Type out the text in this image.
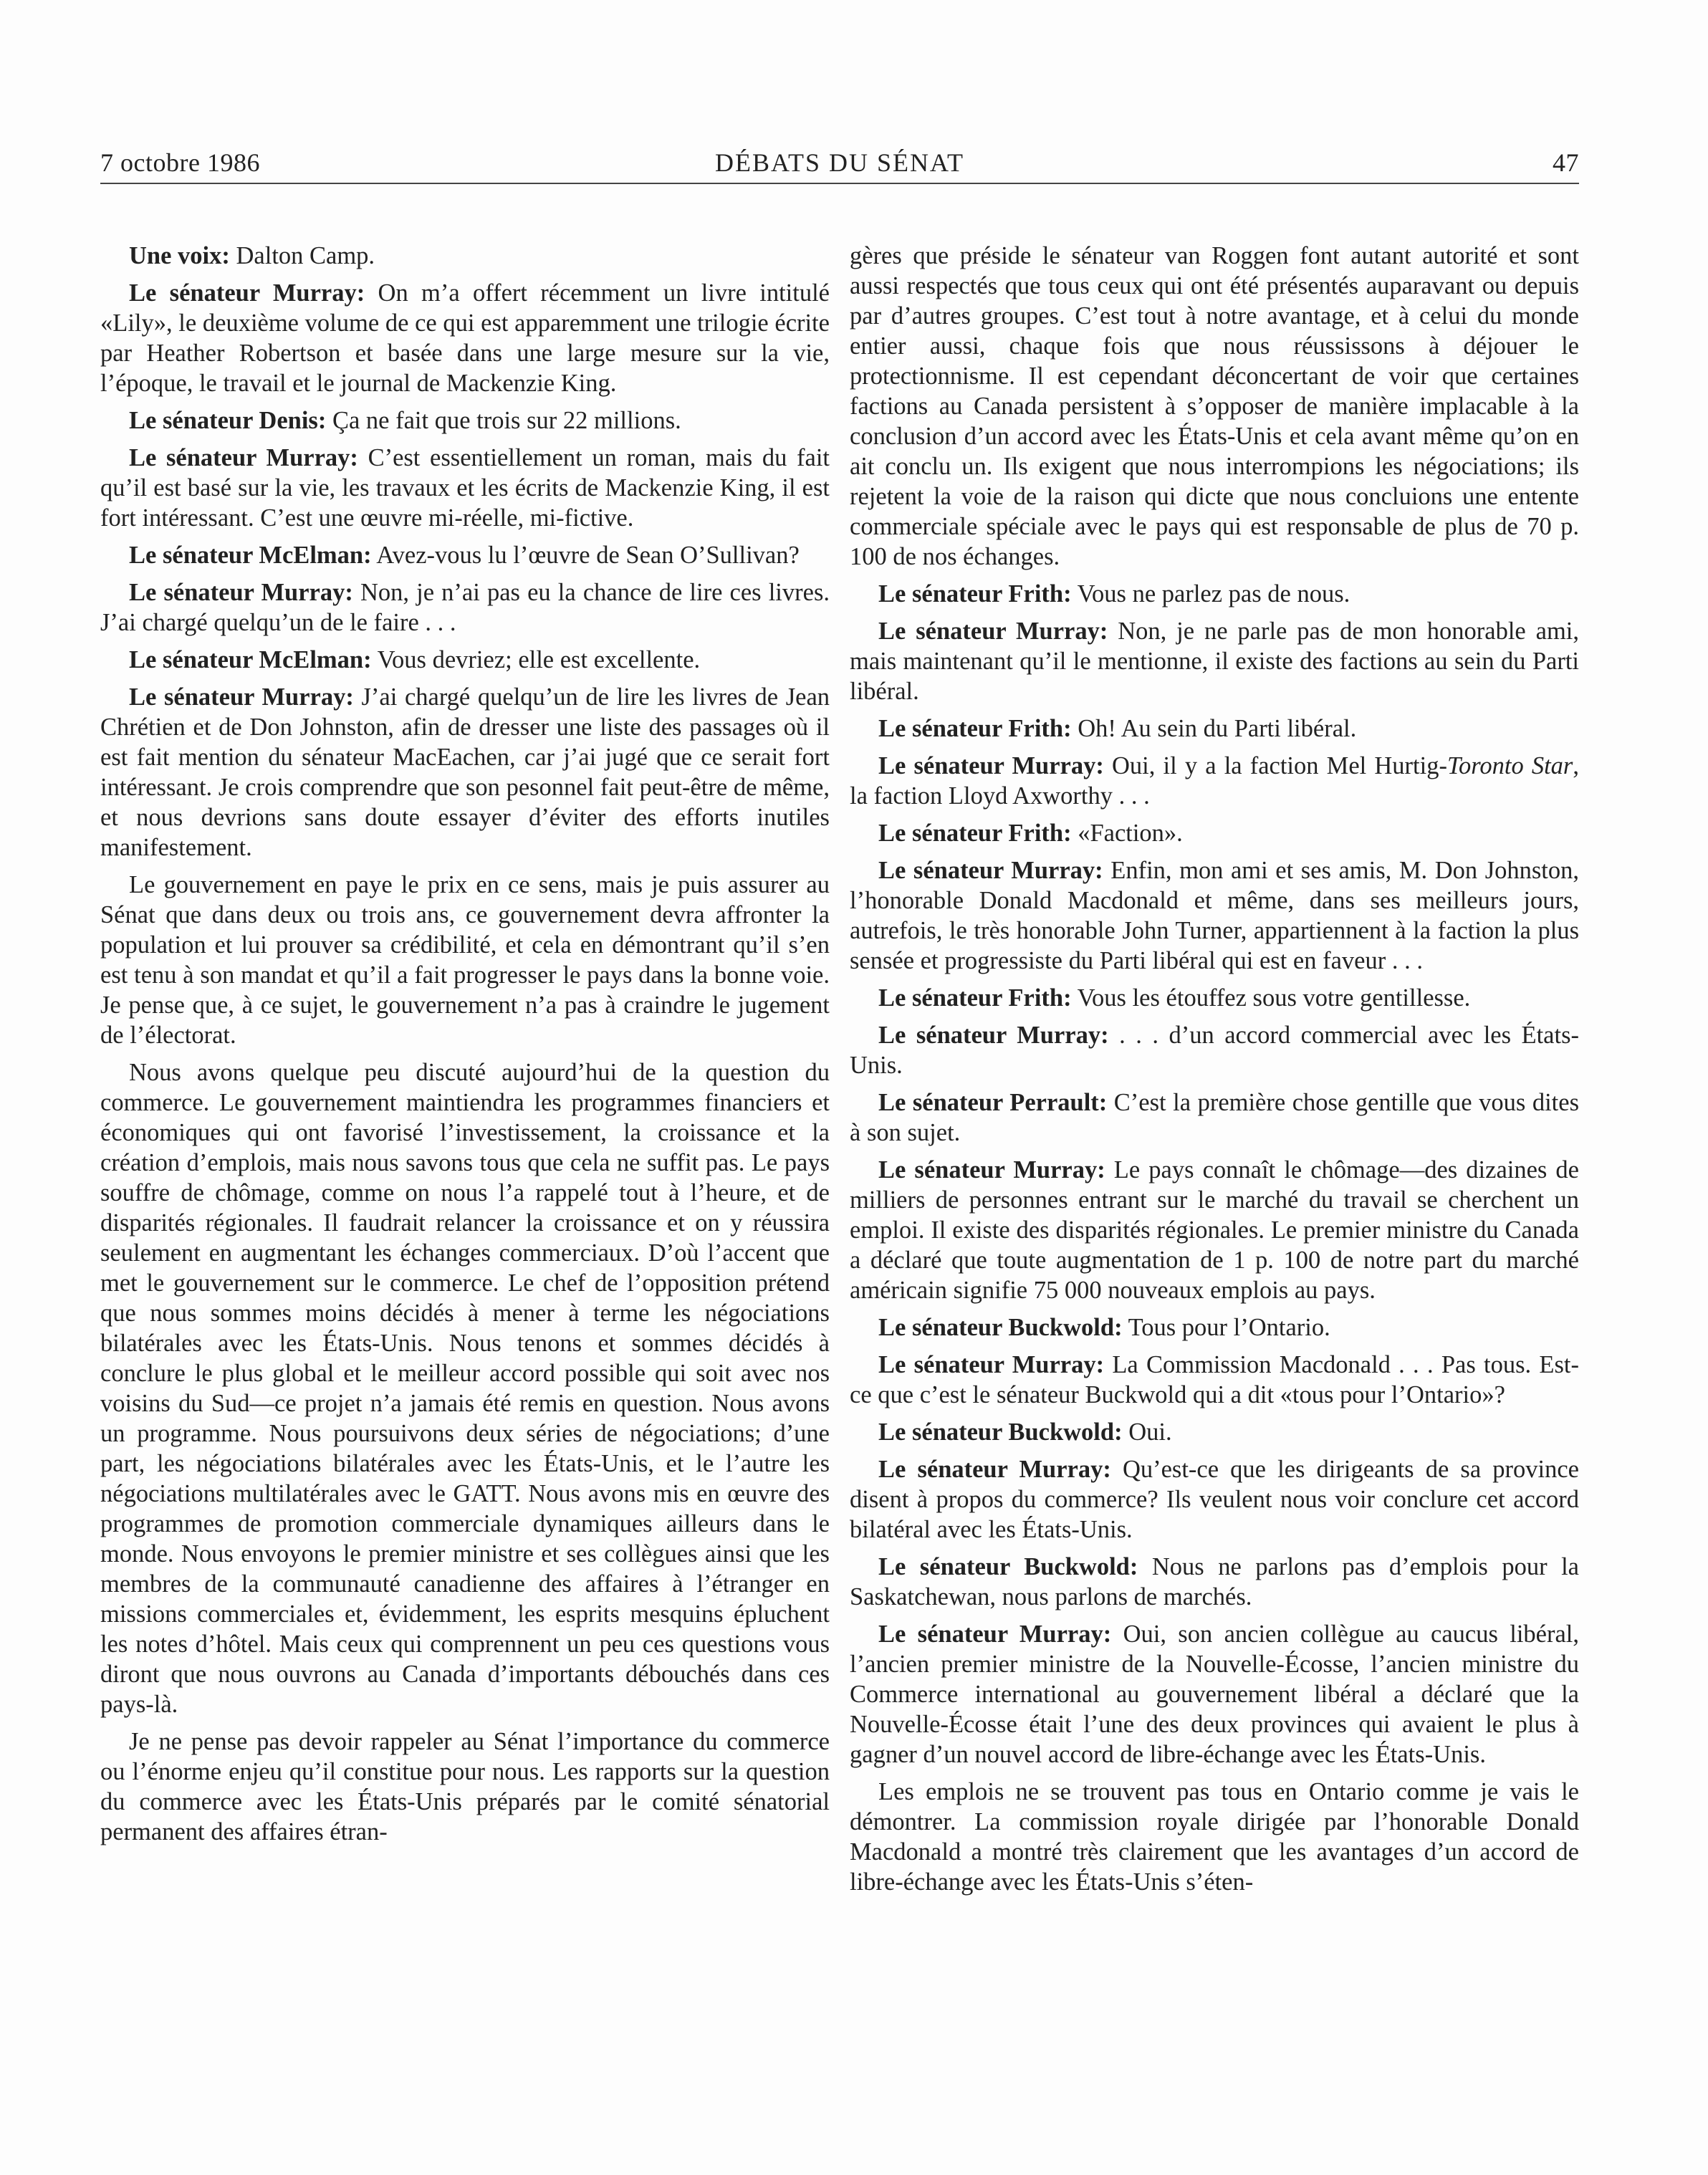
7 octobre 1986	DÉBATS DU SÉNAT	47

Une voix: Dalton Camp.

Le sénateur Murray: On m’a offert récemment un livre intitulé «Lily», le deuxième volume de ce qui est apparemment une trilogie écrite par Heather Robertson et basée dans une large mesure sur la vie, l’époque, le travail et le journal de Mackenzie King.

Le sénateur Denis: Ça ne fait que trois sur 22 millions.

Le sénateur Murray: C’est essentiellement un roman, mais du fait qu’il est basé sur la vie, les travaux et les écrits de Mackenzie King, il est fort intéressant. C’est une œuvre mi-réelle, mi-fictive.

Le sénateur McElman: Avez-vous lu l’œuvre de Sean O’Sullivan?

Le sénateur Murray: Non, je n’ai pas eu la chance de lire ces livres. J’ai chargé quelqu’un de le faire . . .

Le sénateur McElman: Vous devriez; elle est excellente.

Le sénateur Murray: J’ai chargé quelqu’un de lire les livres de Jean Chrétien et de Don Johnston, afin de dresser une liste des passages où il est fait mention du sénateur MacEachen, car j’ai jugé que ce serait fort intéressant. Je crois comprendre que son pesonnel fait peut-être de même, et nous devrions sans doute essayer d’éviter des efforts inutiles manifestement.

Le gouvernement en paye le prix en ce sens, mais je puis assurer au Sénat que dans deux ou trois ans, ce gouvernement devra affronter la population et lui prouver sa crédibilité, et cela en démontrant qu’il s’en est tenu à son mandat et qu’il a fait progresser le pays dans la bonne voie. Je pense que, à ce sujet, le gouvernement n’a pas à craindre le jugement de l’électorat.

Nous avons quelque peu discuté aujourd’hui de la question du commerce. Le gouvernement maintiendra les programmes financiers et économiques qui ont favorisé l’investissement, la croissance et la création d’emplois, mais nous savons tous que cela ne suffit pas. Le pays souffre de chômage, comme on nous l’a rappelé tout à l’heure, et de disparités régionales. Il faudrait relancer la croissance et on y réussira seulement en augmentant les échanges commerciaux. D’où l’accent que met le gouvernement sur le commerce. Le chef de l’opposition prétend que nous sommes moins décidés à mener à terme les négociations bilatérales avec les États-Unis. Nous tenons et sommes décidés à conclure le plus global et le meilleur accord possible qui soit avec nos voisins du Sud—ce projet n’a jamais été remis en question. Nous avons un programme. Nous poursuivons deux séries de négociations; d’une part, les négociations bilatérales avec les États-Unis, et le l’autre les négociations multilatérales avec le GATT. Nous avons mis en œuvre des programmes de promotion commerciale dynamiques ailleurs dans le monde. Nous envoyons le premier ministre et ses collègues ainsi que les membres de la communauté canadienne des affaires à l’étranger en missions commerciales et, évidemment, les esprits mesquins épluchent les notes d’hôtel. Mais ceux qui comprennent un peu ces questions vous diront que nous ouvrons au Canada d’importants débouchés dans ces pays-là.

Je ne pense pas devoir rappeler au Sénat l’importance du commerce ou l’énorme enjeu qu’il constitue pour nous. Les rapports sur la question du commerce avec les États-Unis préparés par le comité sénatorial permanent des affaires étran-

gères que préside le sénateur van Roggen font autant autorité et sont aussi respectés que tous ceux qui ont été présentés auparavant ou depuis par d’autres groupes. C’est tout à notre avantage, et à celui du monde entier aussi, chaque fois que nous réussissons à déjouer le protectionnisme. Il est cependant déconcertant de voir que certaines factions au Canada persistent à s’opposer de manière implacable à la conclusion d’un accord avec les États-Unis et cela avant même qu’on en ait conclu un. Ils exigent que nous interrompions les négociations; ils rejetent la voie de la raison qui dicte que nous concluions une entente commerciale spéciale avec le pays qui est responsable de plus de 70 p. 100 de nos échanges.

Le sénateur Frith: Vous ne parlez pas de nous.

Le sénateur Murray: Non, je ne parle pas de mon honorable ami, mais maintenant qu’il le mentionne, il existe des factions au sein du Parti libéral.

Le sénateur Frith: Oh! Au sein du Parti libéral.

Le sénateur Murray: Oui, il y a la faction Mel Hurtig-Toronto Star, la faction Lloyd Axworthy . . .

Le sénateur Frith: «Faction».

Le sénateur Murray: Enfin, mon ami et ses amis, M. Don Johnston, l’honorable Donald Macdonald et même, dans ses meilleurs jours, autrefois, le très honorable John Turner, appartiennent à la faction la plus sensée et progressiste du Parti libéral qui est en faveur . . .

Le sénateur Frith: Vous les étouffez sous votre gentillesse.

Le sénateur Murray: . . . d’un accord commercial avec les États-Unis.

Le sénateur Perrault: C’est la première chose gentille que vous dites à son sujet.

Le sénateur Murray: Le pays connaît le chômage—des dizaines de milliers de personnes entrant sur le marché du travail se cherchent un emploi. Il existe des disparités régionales. Le premier ministre du Canada a déclaré que toute augmentation de 1 p. 100 de notre part du marché américain signifie 75 000 nouveaux emplois au pays.

Le sénateur Buckwold: Tous pour l’Ontario.

Le sénateur Murray: La Commission Macdonald . . . Pas tous. Est-ce que c’est le sénateur Buckwold qui a dit «tous pour l’Ontario»?

Le sénateur Buckwold: Oui.

Le sénateur Murray: Qu’est-ce que les dirigeants de sa province disent à propos du commerce? Ils veulent nous voir conclure cet accord bilatéral avec les États-Unis.

Le sénateur Buckwold: Nous ne parlons pas d’emplois pour la Saskatchewan, nous parlons de marchés.

Le sénateur Murray: Oui, son ancien collègue au caucus libéral, l’ancien premier ministre de la Nouvelle-Écosse, l’ancien ministre du Commerce international au gouvernement libéral a déclaré que la Nouvelle-Écosse était l’une des deux provinces qui avaient le plus à gagner d’un nouvel accord de libre-échange avec les États-Unis.

Les emplois ne se trouvent pas tous en Ontario comme je vais le démontrer. La commission royale dirigée par l’honorable Donald Macdonald a montré très clairement que les avantages d’un accord de libre-échange avec les États-Unis s’éten-
